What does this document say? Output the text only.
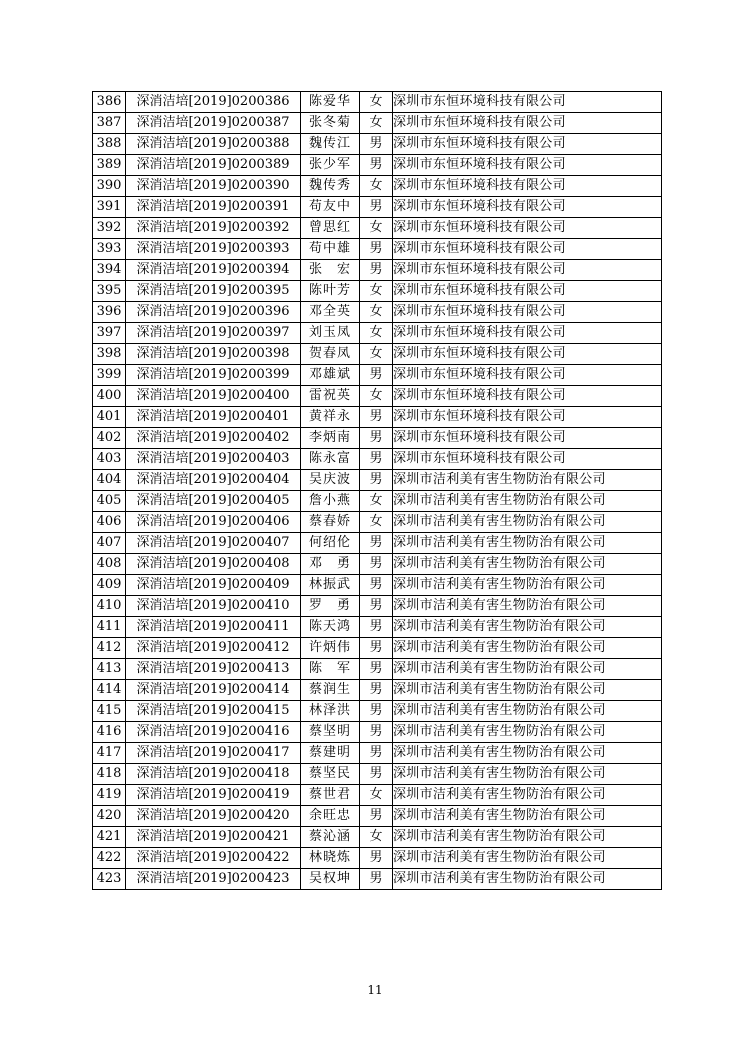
386	深消洁培[2019]0200386	陈爱华	女	深圳市东恒环境科技有限公司
387	深消洁培[2019]0200387	张冬菊	女	深圳市东恒环境科技有限公司
388	深消洁培[2019]0200388	魏传江	男	深圳市东恒环境科技有限公司
389	深消洁培[2019]0200389	张少军	男	深圳市东恒环境科技有限公司
390	深消洁培[2019]0200390	魏传秀	女	深圳市东恒环境科技有限公司
391	深消洁培[2019]0200391	苟友中	男	深圳市东恒环境科技有限公司
392	深消洁培[2019]0200392	曾思红	女	深圳市东恒环境科技有限公司
393	深消洁培[2019]0200393	苟中雄	男	深圳市东恒环境科技有限公司
394	深消洁培[2019]0200394	张　宏	男	深圳市东恒环境科技有限公司
395	深消洁培[2019]0200395	陈叶芳	女	深圳市东恒环境科技有限公司
396	深消洁培[2019]0200396	邓全英	女	深圳市东恒环境科技有限公司
397	深消洁培[2019]0200397	刘玉凤	女	深圳市东恒环境科技有限公司
398	深消洁培[2019]0200398	贺春凤	女	深圳市东恒环境科技有限公司
399	深消洁培[2019]0200399	邓雄斌	男	深圳市东恒环境科技有限公司
400	深消洁培[2019]0200400	雷祝英	女	深圳市东恒环境科技有限公司
401	深消洁培[2019]0200401	黄祥永	男	深圳市东恒环境科技有限公司
402	深消洁培[2019]0200402	李炳南	男	深圳市东恒环境科技有限公司
403	深消洁培[2019]0200403	陈永富	男	深圳市东恒环境科技有限公司
404	深消洁培[2019]0200404	吴庆波	男	深圳市洁利美有害生物防治有限公司
405	深消洁培[2019]0200405	詹小燕	女	深圳市洁利美有害生物防治有限公司
406	深消洁培[2019]0200406	蔡春娇	女	深圳市洁利美有害生物防治有限公司
407	深消洁培[2019]0200407	何绍伦	男	深圳市洁利美有害生物防治有限公司
408	深消洁培[2019]0200408	邓　勇	男	深圳市洁利美有害生物防治有限公司
409	深消洁培[2019]0200409	林振武	男	深圳市洁利美有害生物防治有限公司
410	深消洁培[2019]0200410	罗　勇	男	深圳市洁利美有害生物防治有限公司
411	深消洁培[2019]0200411	陈天鸿	男	深圳市洁利美有害生物防治有限公司
412	深消洁培[2019]0200412	许炳伟	男	深圳市洁利美有害生物防治有限公司
413	深消洁培[2019]0200413	陈　军	男	深圳市洁利美有害生物防治有限公司
414	深消洁培[2019]0200414	蔡润生	男	深圳市洁利美有害生物防治有限公司
415	深消洁培[2019]0200415	林泽洪	男	深圳市洁利美有害生物防治有限公司
416	深消洁培[2019]0200416	蔡坚明	男	深圳市洁利美有害生物防治有限公司
417	深消洁培[2019]0200417	蔡建明	男	深圳市洁利美有害生物防治有限公司
418	深消洁培[2019]0200418	蔡坚民	男	深圳市洁利美有害生物防治有限公司
419	深消洁培[2019]0200419	蔡世君	女	深圳市洁利美有害生物防治有限公司
420	深消洁培[2019]0200420	余旺忠	男	深圳市洁利美有害生物防治有限公司
421	深消洁培[2019]0200421	蔡沁涵	女	深圳市洁利美有害生物防治有限公司
422	深消洁培[2019]0200422	林晓炼	男	深圳市洁利美有害生物防治有限公司
423	深消洁培[2019]0200423	吴权坤	男	深圳市洁利美有害生物防治有限公司
11
